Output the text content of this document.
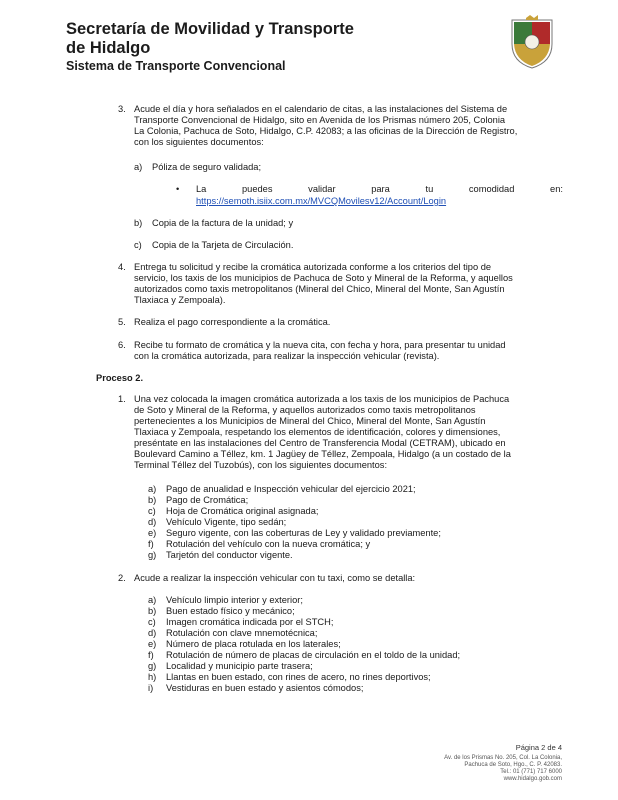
Secretaría de Movilidad y Transporte
de Hidalgo
Sistema de Transporte Convencional
3. Acude el día y hora señalados en el calendario de citas, a las instalaciones del Sistema de
Transporte Convencional de Hidalgo, sito en Avenida de los Prismas número 205, Colonia
La Colonia, Pachuca de Soto, Hidalgo, C.P. 42083; a las oficinas de la Dirección de Registro,
con los siguientes documentos:
a) Póliza de seguro validada;
• La	puedes	validar	para	tu	comodidad	en:
https://semoth.isiix.com.mx/MVCQMovilesv12/Account/Login
b) Copia de la factura de la unidad; y
c) Copia de la Tarjeta de Circulación.
4. Entrega tu solicitud y recibe la cromática autorizada conforme a los criterios del tipo de
servicio, los taxis de los municipios de Pachuca de Soto y Mineral de la Reforma, y aquellos
autorizados como taxis metropolitanos (Mineral del Chico, Mineral del Monte, San Agustín
Tlaxiaca y Zempoala).
5. Realiza el pago correspondiente a la cromática.
6. Recibe tu formato de cromática y la nueva cita, con fecha y hora, para presentar tu unidad
con la cromática autorizada, para realizar la inspección vehicular (revista).
Proceso 2.
1. Una vez colocada la imagen cromática autorizada a los taxis de los municipios de Pachuca
de Soto y Mineral de la Reforma, y aquellos autorizados como taxis metropolitanos
pertenecientes a los Municipios de Mineral del Chico, Mineral del Monte, San Agustín
Tlaxiaca y Zempoala, respetando los elementos de identificación, colores y dimensiones,
preséntate en las instalaciones del Centro de Transferencia Modal (CETRAM), ubicado en
Boulevard Camino a Téllez, km. 1 Jagüey de Téllez, Zempoala, Hidalgo (a un costado de la
Terminal Téllez del Tuzobús), con los siguientes documentos:
a) Pago de anualidad e Inspección vehicular del ejercicio 2021;
b) Pago de Cromática;
c) Hoja de Cromática original asignada;
d) Vehículo Vigente, tipo sedán;
e) Seguro vigente, con las coberturas de Ley y validado previamente;
f) Rotulación del vehículo con la nueva cromática; y
g) Tarjetón del conductor vigente.
2. Acude a realizar la inspección vehicular con tu taxi, como se detalla:
a) Vehículo limpio interior y exterior;
b) Buen estado físico y mecánico;
c) Imagen cromática indicada por el STCH;
d) Rotulación con clave mnemotécnica;
e) Número de placa rotulada en los laterales;
f) Rotulación de número de placas de circulación en el toldo de la unidad;
g) Localidad y municipio parte trasera;
h) Llantas en buen estado, con rines de acero, no rines deportivos;
i) Vestiduras en buen estado y asientos cómodos;
Página 2 de 4
Av. de los Prismas No. 205, Col. La Colonia,
Pachuca de Soto, Hgo., C. P. 42083.
Tel.: 01 (771) 717 6000
www.hidalgo.gob.com
